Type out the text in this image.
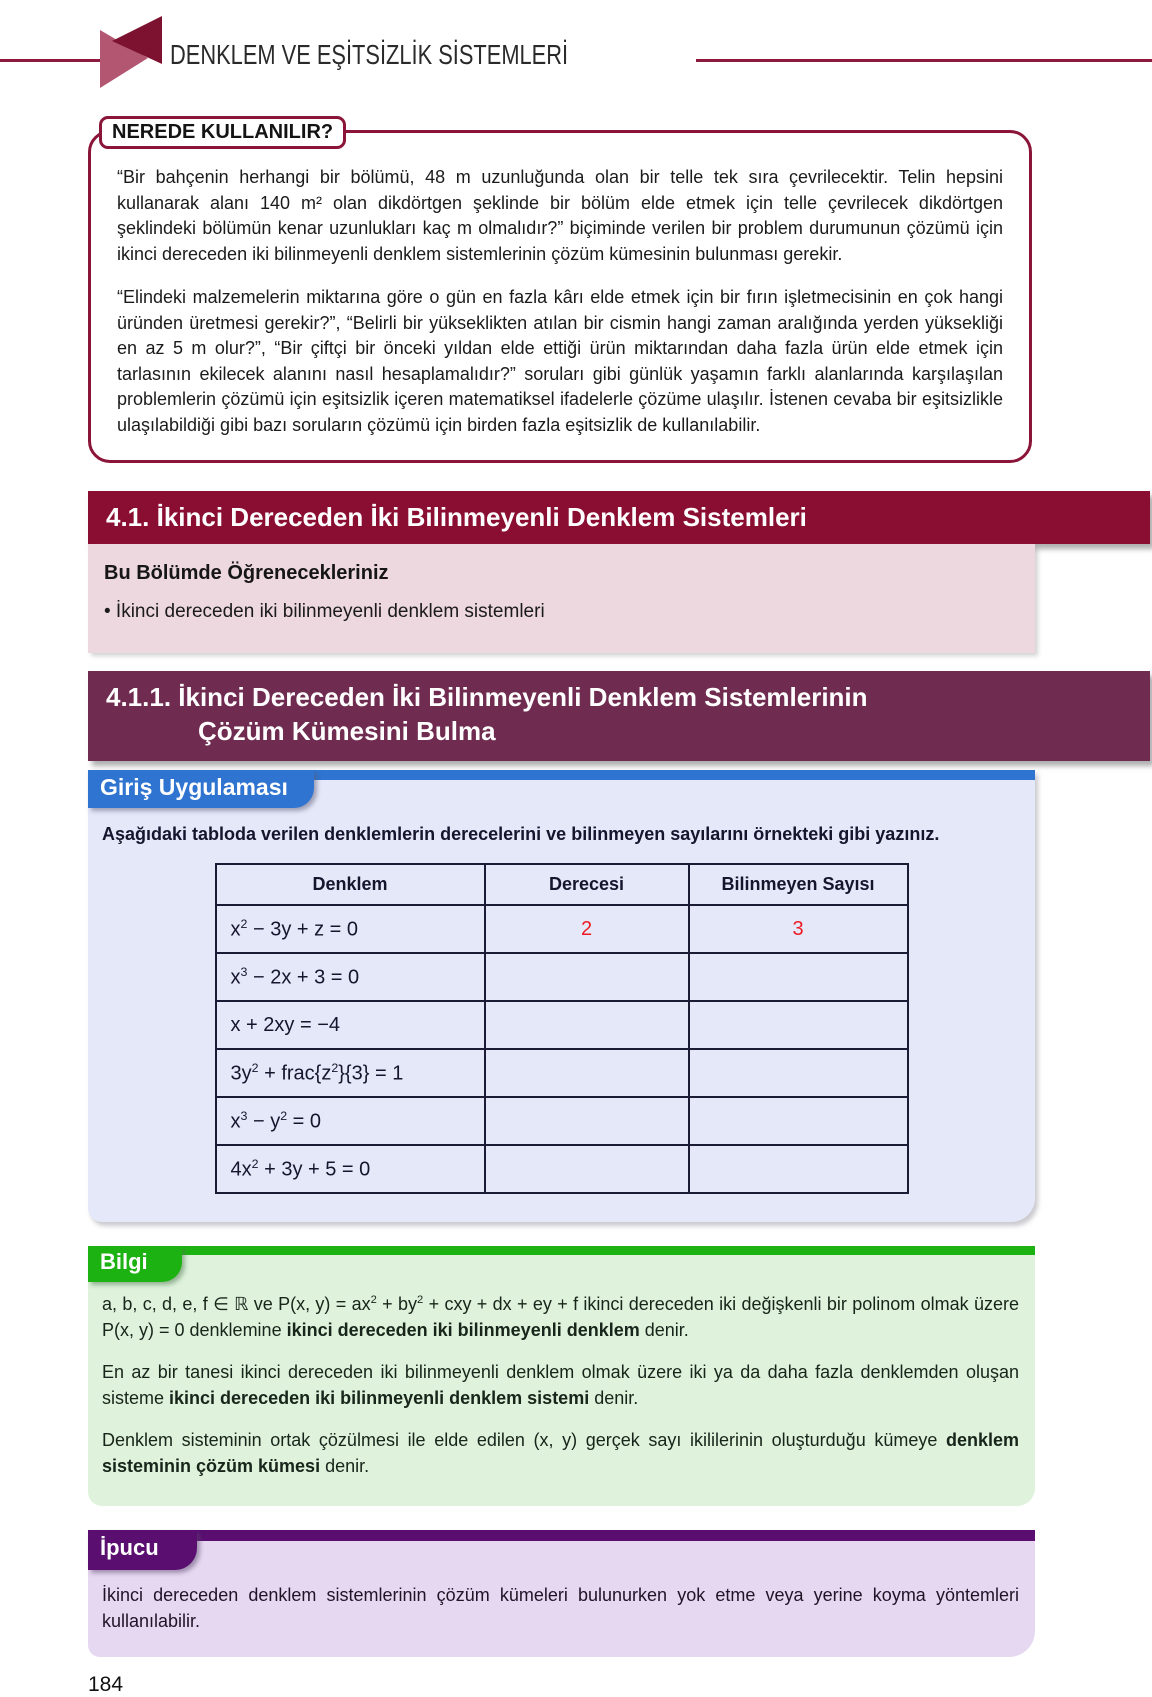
DENKLEM VE EŞİTSİZLİK SİSTEMLERİ
NEREDE KULLANILIR?

“Bir bahçenin herhangi bir bölümü, 48 m uzunluğunda olan bir telle tek sıra çevrilecektir. Telin hepsini kullanarak alanı 140 m² olan dikdörtgen şeklinde bir bölüm elde etmek için telle çevrilecek dikdörtgen şeklindeki bölümün kenar uzunlukları kaç m olmalıdır?” biçiminde verilen bir problem durumunun çözümü için ikinci dereceden iki bilinmeyenli denklem sistemlerinin çözüm kümesinin bulunması gerekir.

“Elindeki malzemelerin miktarına göre o gün en fazla kârı elde etmek için bir fırın işletmecisinin en çok hangi üründen üretmesi gerekir?”, “Belirli bir yükseklikten atılan bir cismin hangi zaman aralığında yerden yüksekliği en az 5 m olur?”, “Bir çiftçi bir önceki yıldan elde ettiği ürün miktarından daha fazla ürün elde etmek için tarlasının ekilecek alanını nasıl hesaplamalıdır?” soruları gibi günlük yaşamın farklı alanlarında karşılaşılan problemlerin çözümü için eşitsizlik içeren matematiksel ifadelerle çözüme ulaşılır. İstenen cevaba bir eşitsizlikle ulaşılabildiği gibi bazı soruların çözümü için birden fazla eşitsizlik de kullanılabilir.

4.1. İkinci Dereceden İki Bilinmeyenli Denklem Sistemleri

Bu Bölümde Öğrenecekleriniz

• İkinci dereceden iki bilinmeyenli denklem sistemleri

4.1.1. İkinci Dereceden İki Bilinmeyenli Denklem Sistemlerinin
Çözüm Kümesini Bulma
Giriş Uygulaması

Aşağıdaki tabloda verilen denklemlerin derecelerini ve bilinmeyen sayılarını örnekteki gibi yazınız.

Denklem	Derecesi	Bilinmeyen Sayısı
$x^2 - 3y + z = 0$	2	3
$x^3 - 2x + 3 = 0$		
x + 2xy = −4		
$3y^2$ + $frac\{z^2\}\{3\} = 1$		
$x^3 - y^2 = 0$		
$4x^2 + 3y + 5 = 0$		
Bilgi

a, b, c, d, e, f ∈ ℝ ve P(x, $y) = ax^2 + by^2$ + cxy + dx + ey + f ikinci dereceden iki değişkenli bir polinom olmak üzere P(x, y) = 0 denklemine ikinci dereceden iki bilinmeyenli denklem denir.

En az bir tanesi ikinci dereceden iki bilinmeyenli denklem olmak üzere iki ya da daha fazla denklemden oluşan sisteme ikinci dereceden iki bilinmeyenli denklem sistemi denir.

Denklem sisteminin ortak çözülmesi ile elde edilen (x, y) gerçek sayı ikililerinin oluşturduğu kümeye denklem sisteminin çözüm kümesi denir.

İpucu

İkinci dereceden denklem sistemlerinin çözüm kümeleri bulunurken yok etme veya yerine koyma yöntemleri kullanılabilir.

184
